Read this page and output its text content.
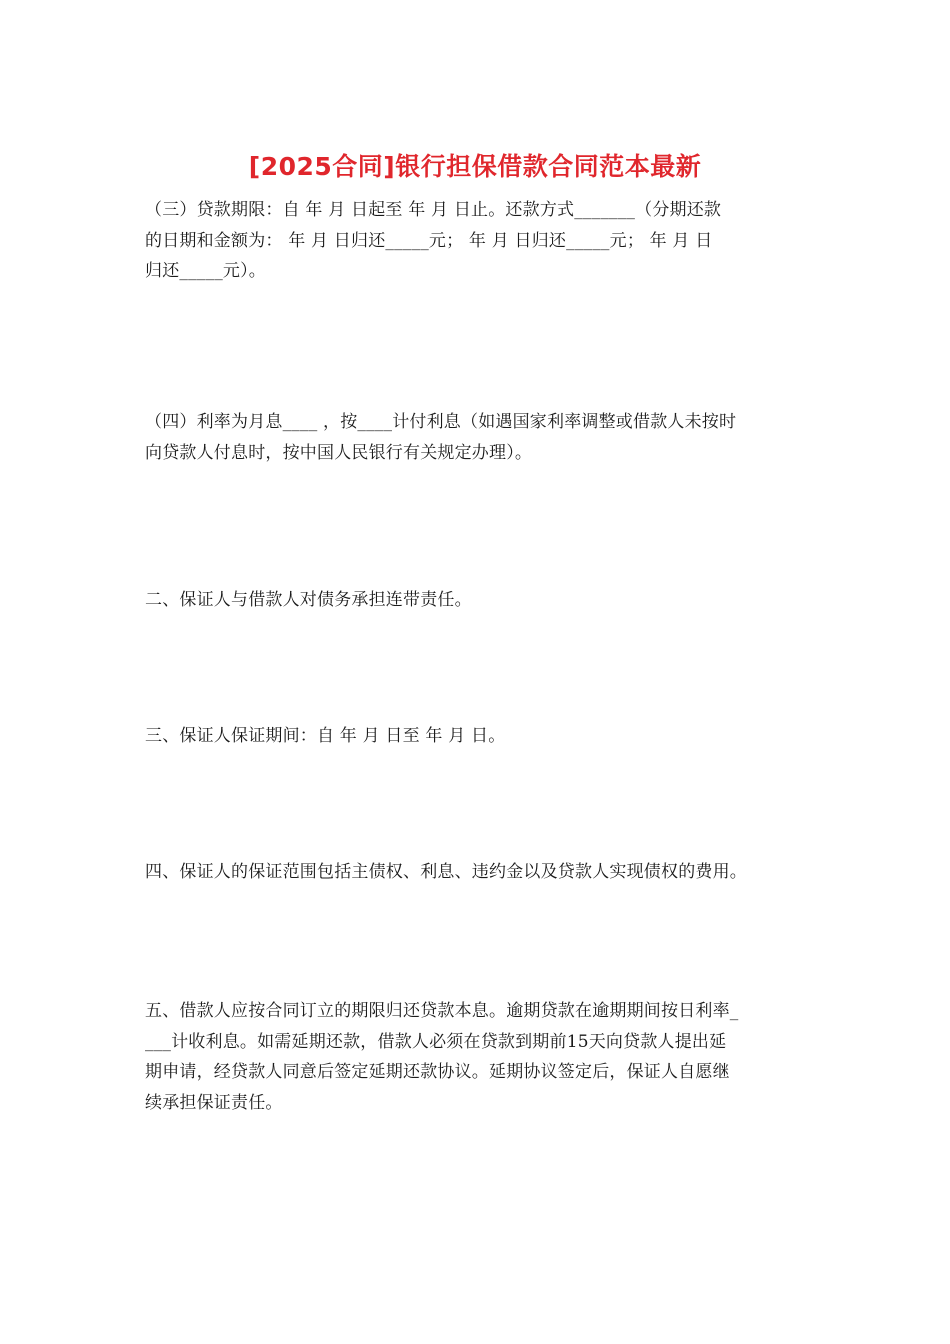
[2025合同]银行担保借款合同范本最新
（三）贷款期限：自 年 月 日起至 年 月 日止。还款方式_______（分期还款
的日期和金额为： 年 月 日归还_____元； 年 月 日归还_____元； 年 月 日
归还_____元）。
（四）利率为月息____ ，按____计付利息（如遇国家利率调整或借款人未按时
向贷款人付息时，按中国人民银行有关规定办理）。
二、保证人与借款人对债务承担连带责任。
三、保证人保证期间：自 年 月 日至 年 月 日。
四、保证人的保证范围包括主债权、利息、违约金以及贷款人实现债权的费用。
五、借款人应按合同订立的期限归还贷款本息。逾期贷款在逾期期间按日利率_
___计收利息。如需延期还款，借款人必须在贷款到期前15天向贷款人提出延
期申请，经贷款人同意后签定延期还款协议。延期协议签定后，保证人自愿继
续承担保证责任。
